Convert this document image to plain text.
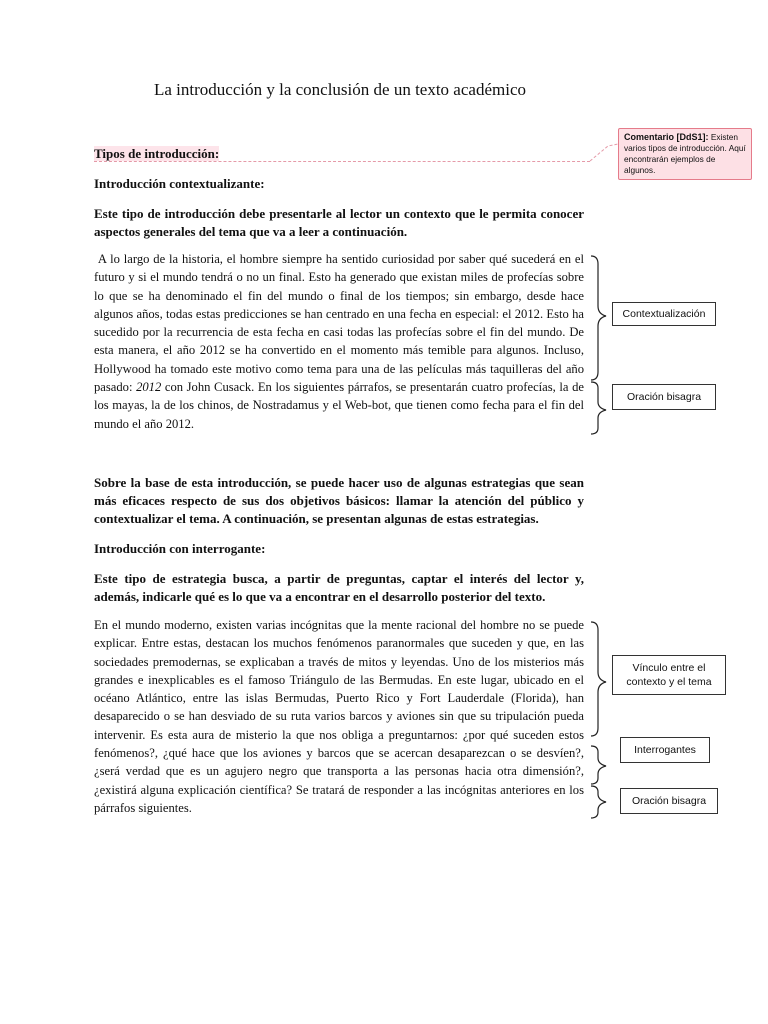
La introducción y la conclusión de un texto académico
Tipos de introducción:
Comentario [DdS1]: Existen varios tipos de introducción. Aquí encontrarán ejemplos de algunos.
Introducción contextualizante:
Este tipo de introducción debe presentarle al lector un contexto que le permita conocer aspectos generales del tema que va a leer a continuación.
A lo largo de la historia, el hombre siempre ha sentido curiosidad por saber qué sucederá en el futuro y si el mundo tendrá o no un final. Esto ha generado que existan miles de profecías sobre lo que se ha denominado el fin del mundo o final de los tiempos; sin embargo, desde hace algunos años, todas estas predicciones se han centrado en una fecha en especial: el 2012. Esto ha sucedido por la recurrencia de esta fecha en casi todas las profecías sobre el fin del mundo. De esta manera, el año 2012 se ha convertido en el momento más temible para algunos. Incluso, Hollywood ha tomado este motivo como tema para una de las películas más taquilleras del año pasado: 2012 con John Cusack. En los siguientes párrafos, se presentarán cuatro profecías, la de los mayas, la de los chinos, de Nostradamus y el Web-bot, que tienen como fecha para el fin del mundo el año 2012.
Sobre la base de esta introducción, se puede hacer uso de algunas estrategias que sean más eficaces respecto de sus dos objetivos básicos: llamar la atención del público y contextualizar el tema. A continuación, se presentan algunas de estas estrategias.
Introducción con interrogante:
Este tipo de estrategia busca, a partir de preguntas, captar el interés del lector y, además, indicarle qué es lo que va a encontrar en el desarrollo posterior del texto.
En el mundo moderno, existen varias incógnitas que la mente racional del hombre no se puede explicar. Entre estas, destacan los muchos fenómenos paranormales que suceden y que, en las sociedades premodernas, se explicaban a través de mitos y leyendas. Uno de los misterios más grandes e inexplicables es el famoso Triángulo de las Bermudas. En este lugar, ubicado en el océano Atlántico, entre las islas Bermudas, Puerto Rico y Fort Lauderdale (Florida), han desaparecido o se han desviado de su ruta varios barcos y aviones sin que su tripulación pueda intervenir. Es esta aura de misterio la que nos obliga a preguntarnos: ¿por qué suceden estos fenómenos?, ¿qué hace que los aviones y barcos que se acercan desaparezcan o se desvíen?, ¿será verdad que es un agujero negro que transporta a las personas hacia otra dimensión?, ¿existirá alguna explicación científica? Se tratará de responder a las incógnitas anteriores en los párrafos siguientes.
Contextualización
Oración bisagra
Vínculo entre el contexto y el tema
Interrogantes
Oración bisagra
